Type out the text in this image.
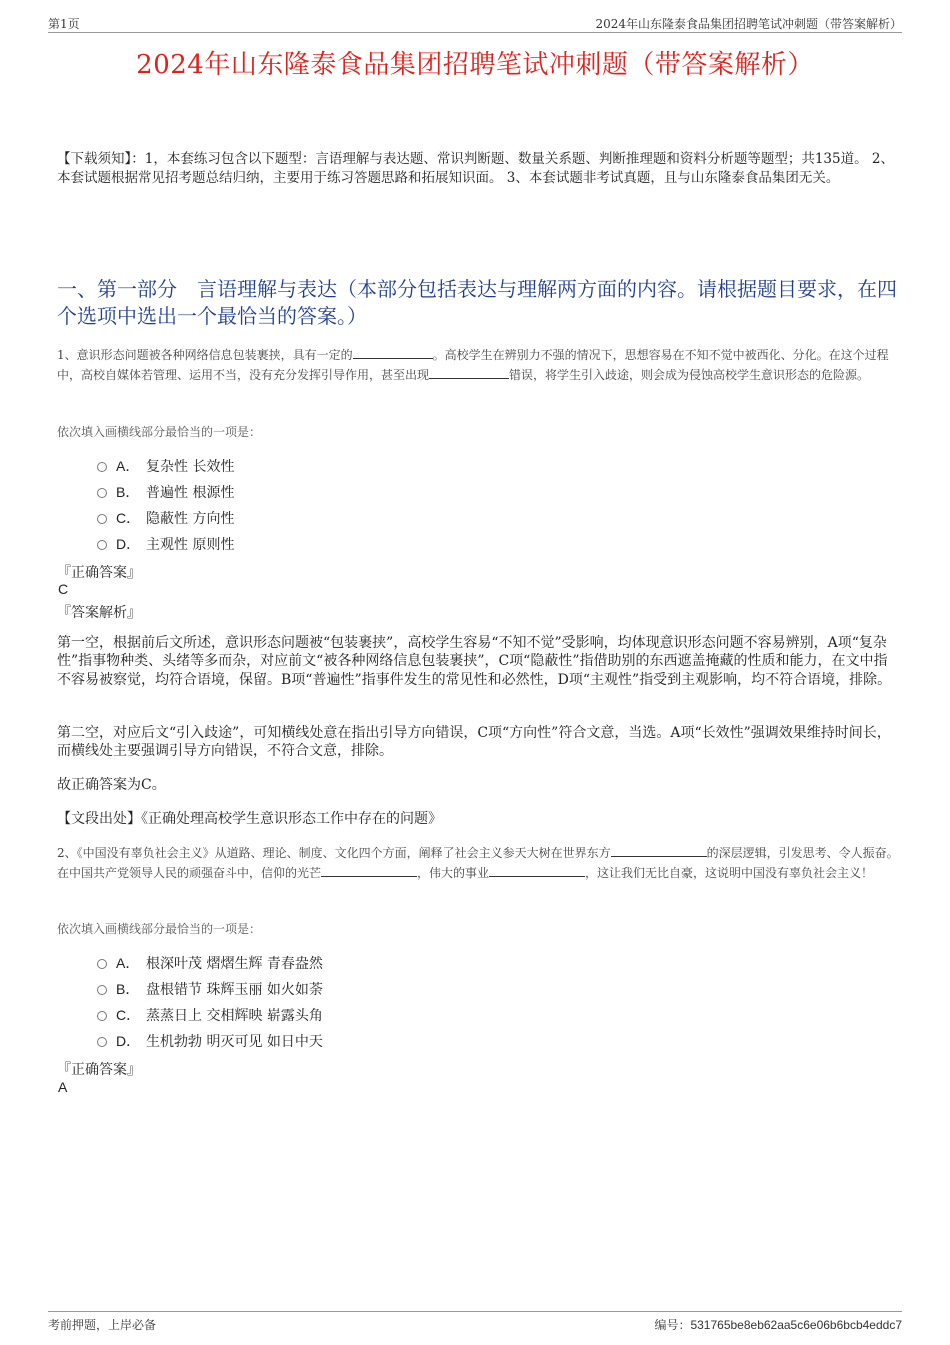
第1页	2024年山东隆泰食品集团招聘笔试冲刺题（带答案解析）
2024年山东隆泰食品集团招聘笔试冲刺题（带答案解析）
【下载须知】：1，本套练习包含以下题型：言语理解与表达题、常识判断题、数量关系题、判断推理题和资料分析题等题型；共135道。 2、本套试题根据常见招考题总结归纳，主要用于练习答题思路和拓展知识面。 3、本套试题非考试真题，且与山东隆泰食品集团无关。
一、第一部分　言语理解与表达（本部分包括表达与理解两方面的内容。请根据题目要求，在四个选项中选出一个最恰当的答案。）
1、意识形态问题被各种网络信息包装裹挟，具有一定的	。高校学生在辨别力不强的情况下，思想容易在不知不觉中被西化、分化。在这个过程中，高校自媒体若管理、运用不当，没有充分发挥引导作用，甚至出现	错误，将学生引入歧途，则会成为侵蚀高校学生意识形态的危险源。
依次填入画横线部分最恰当的一项是：
A． 复杂性 长效性
B． 普遍性 根源性
C． 隐蔽性 方向性
D． 主观性 原则性
『正确答案』
C
『答案解析』
第一空，根据前后文所述，意识形态问题被“包装裹挟”，高校学生容易“不知不觉”受影响，均体现意识形态问题不容易辨别，A项“复杂性”指事物种类、头绪等多而杂，对应前文“被各种网络信息包装裹挟”，C项“隐蔽性”指借助别的东西遮盖掩藏的性质和能力，在文中指不容易被察觉，均符合语境，保留。B项“普遍性”指事件发生的常见性和必然性，D项“主观性”指受到主观影响，均不符合语境，排除。
第二空，对应后文“引入歧途”，可知横线处意在指出引导方向错误，C项“方向性”符合文意，当选。A项“长效性”强调效果维持时间长，而横线处主要强调引导方向错误，不符合文意，排除。
故正确答案为C。
【文段出处】《正确处理高校学生意识形态工作中存在的问题》
2、《中国没有辜负社会主义》从道路、理论、制度、文化四个方面，阐释了社会主义参天大树在世界东方	的深层逻辑，引发思考、令人振奋。在中国共产党领导人民的顽强奋斗中，信仰的光芒	，伟大的事业	，这让我们无比自豪，这说明中国没有辜负社会主义！
依次填入画横线部分最恰当的一项是：
A． 根深叶茂 熠熠生辉 青春盎然
B． 盘根错节 珠辉玉丽 如火如荼
C． 蒸蒸日上 交相辉映 崭露头角
D． 生机勃勃 明灭可见 如日中天
『正确答案』
A
考前押题，上岸必备	编号：531765be8eb62aa5c6e06b6bcb4eddc7
